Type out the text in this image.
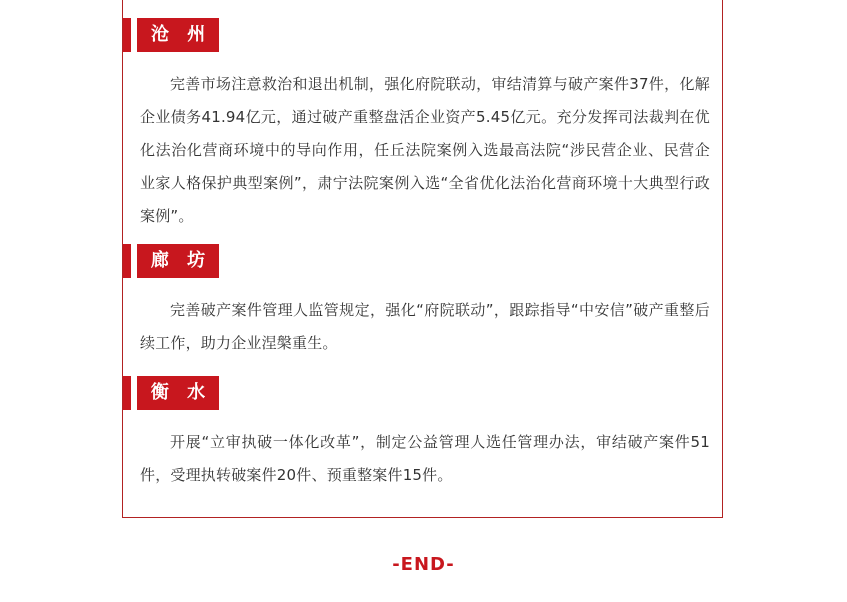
沧 州
完善市场注意救治和退出机制，强化府院联动，审结清算与破产案件37件，化解企业债务41.94亿元，通过破产重整盘活企业资产5.45亿元。充分发挥司法裁判在优化法治化营商环境中的导向作用，任丘法院案例入选最高法院“涉民营企业、民营企业家人格保护典型案例”，肃宁法院案例入选“全省优化法治化营商环境十大典型行政案例”。
廊 坊
完善破产案件管理人监管规定，强化“府院联动”，跟踪指导“中安信”破产重整后续工作，助力企业涅槃重生。
衡 水
开展“立审执破一体化改革”，制定公益管理人选任管理办法，审结破产案件51件，受理执转破案件20件、预重整案件15件。
-END-
